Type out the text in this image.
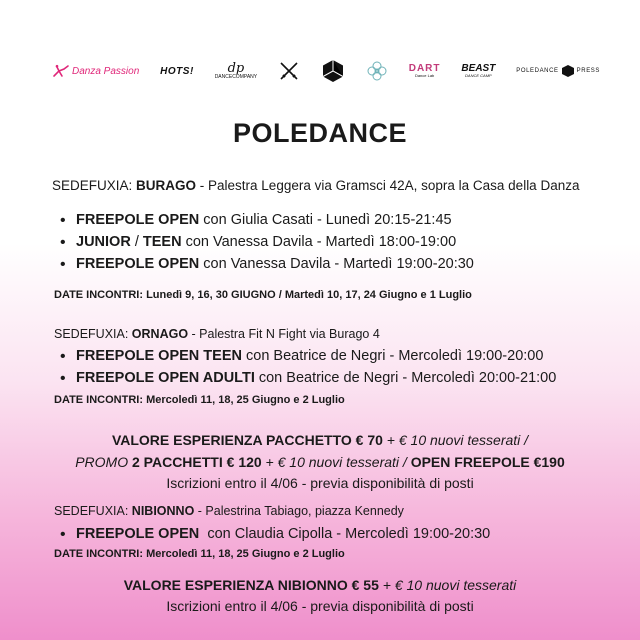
Danza Passion HOTS!	dp
DANCECOMPANY
DART
Dance Lab
BEAST
DANCE CAMP
POLEDANCE	PRESS
POLEDANCE
SEDEFUXIA: BURAGO - Palestra Leggera via Gramsci 42A, sopra la Casa della Danza
• FREEPOLE OPEN con Giulia Casati - Lunedì 20:15-21:45
• JUNIOR / TEEN con Vanessa Davila - Martedì 18:00-19:00
• FREEPOLE OPEN con Vanessa Davila - Martedì 19:00-20:30
DATE INCONTRI: Lunedì 9, 16, 30 GIUGNO / Martedì 10, 17, 24 Giugno e 1 Luglio
SEDEFUXIA: ORNAGO - Palestra Fit N Fight via Burago 4
• FREEPOLE OPEN TEEN con Beatrice de Negri - Mercoledì 19:00-20:00
• FREEPOLE OPEN ADULTI con Beatrice de Negri - Mercoledì 20:00-21:00
DATE INCONTRI: Mercoledì 11, 18, 25 Giugno e 2 Luglio
VALORE ESPERIENZA PACCHETTO € 70 + € 10 nuovi tesserati /
PROMO 2 PACCHETTI € 120 + € 10 nuovi tesserati / OPEN FREEPOLE €190
Iscrizioni entro il 4/06 - previa disponibilità di posti
SEDEFUXIA: NIBIONNO - Palestrina Tabiago, piazza Kennedy
• FREEPOLE OPEN  con Claudia Cipolla - Mercoledì 19:00-20:30
DATE INCONTRI: Mercoledì 11, 18, 25 Giugno e 2 Luglio
VALORE ESPERIENZA NIBIONNO € 55 + € 10 nuovi tesserati
Iscrizioni entro il 4/06 - previa disponibilità di posti
